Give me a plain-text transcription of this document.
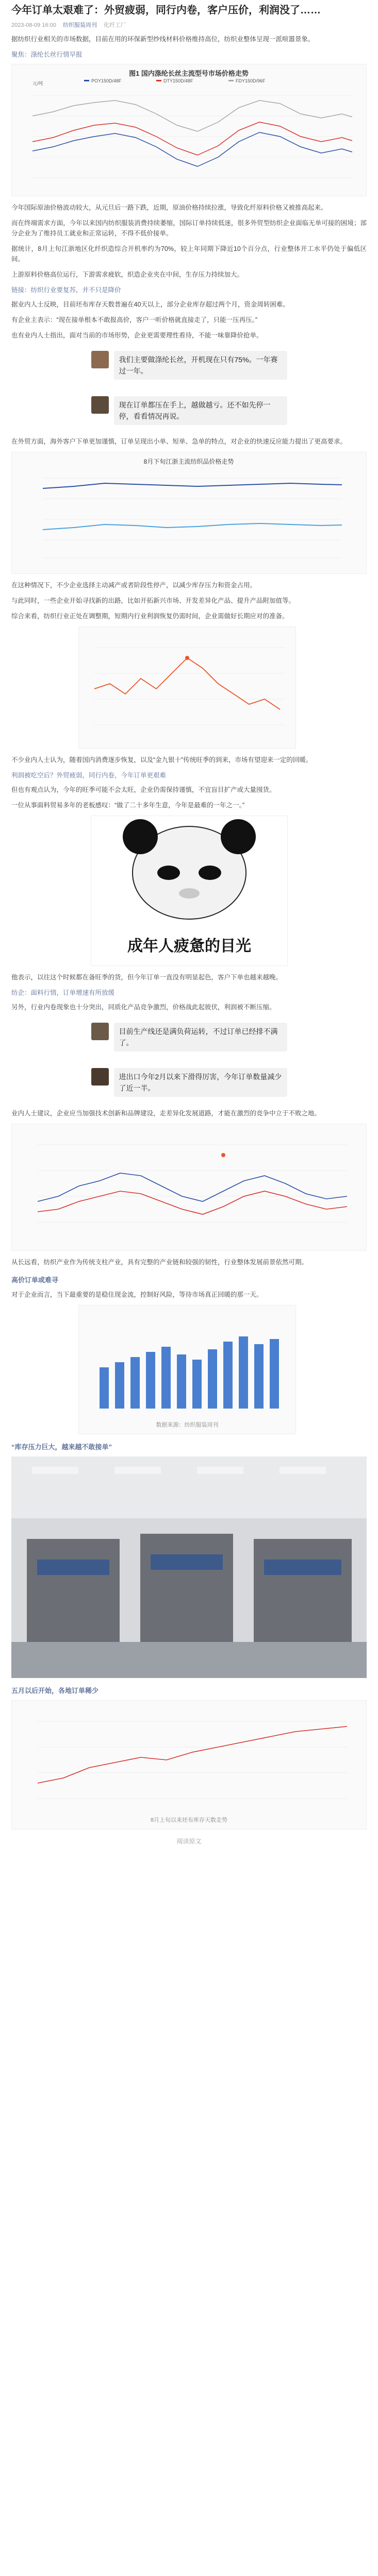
今年订单太艰难了：外贸疲弱，同行内卷，客户压价，利润没了……
2023-08-09 16:00 纺织服装周刊 化纤工厂

据纺织行业相关的市场数据，目前在用的环保新型纱线材料价格维持高位，纺织业整体呈现一派喧嚣景象。

聚焦：涤纶长丝行情早报
图1 国内涤纶长丝主流型号市场价格走势
元/吨	POY150D/48F	DTY150D/48F	FDY150D/96F

今年国际原油价格波动较大，从元旦后一路下跌，近期，原油价格持续拉涨，导致化纤原料价格又被推高起来。

而在终端需求方面，今年以来国内纺织服装消费持续萎缩，国际订单持续低迷，很多外贸型纺织企业面临无单可接的困境；部分企业为了维持员工就业和正常运转，不得不低价接单。

据统计，8月上旬江浙地区化纤织造综合开机率约为70%，较上年同期下降近10个百分点，行业整体开工水平仍处于偏低区间。

上游原料价格高位运行，下游需求疲软，织造企业夹在中间，生存压力持续加大。

链接：纺织行业要复苏，并不只是降价

据业内人士反映，目前坯布库存天数普遍在40天以上，部分企业库存超过两个月，资金周转困难。

有企业主表示：“现在接单根本不敢报高价，客户一听价格就直接走了，只能一压再压。”

也有业内人士指出，面对当前的市场形势，企业更需要理性看待，不能一味靠降价抢单。

我们主要做涤纶长丝，开机现在只有75%。一年赛过一年。
现在订单都压在手上，越做越亏。还不如先停一停，看看情况再说。

在外贸方面，海外客户下单更加谨慎，订单呈现出小单、短单、急单的特点，对企业的快速反应能力提出了更高要求。

8月下旬江浙主流纺织品价格走势

在这种情况下，不少企业选择主动减产或者阶段性停产，以减少库存压力和资金占用。

与此同时，一些企业开始寻找新的出路，比如开拓新兴市场、开发差异化产品、提升产品附加值等。

综合来看，纺织行业正处在调整期，短期内行业利润恢复仍需时间，企业需做好长期应对的准备。

不少业内人士认为，随着国内消费逐步恢复，以及“金九银十”传统旺季的到来，市场有望迎来一定的回暖。

利润被吃空后？外贸疲弱，同行内卷，今年订单更艰难

但也有观点认为，今年的旺季可能不会太旺，企业仍需保持谨慎，不宜盲目扩产或大量囤货。

一位从事面料贸易多年的老板感叹：“做了二十多年生意，今年是最难的一年之一。”

成年人疲惫的目光

他表示，以往这个时候都在备旺季的货，但今年订单一直没有明显起色，客户下单也越来越晚。

纺企：面料行情，订单增速有所放缓

另外，行业内卷现象也十分突出，同质化产品竞争激烈，价格战此起彼伏，利润被不断压缩。

目前生产线还是满负荷运转，不过订单已经排不满了。
进出口今年2月以来下滑得厉害，今年订单数量减少了近一半。

业内人士建议，企业应当加强技术创新和品牌建设，走差异化发展道路，才能在激烈的竞争中立于不败之地。

从长远看，纺织产业作为传统支柱产业，具有完整的产业链和较强的韧性，行业整体发展前景依然可期。

高价订单或难寻

对于企业而言，当下最重要的是稳住现金流，控制好风险，等待市场真正回暖的那一天。

数据来源：纺织服装周刊
“库存压力巨大，越来越不敢接单”
五月以后开始，各地订单稀少
8月上旬以来坯布库存天数走势
阅读原文
